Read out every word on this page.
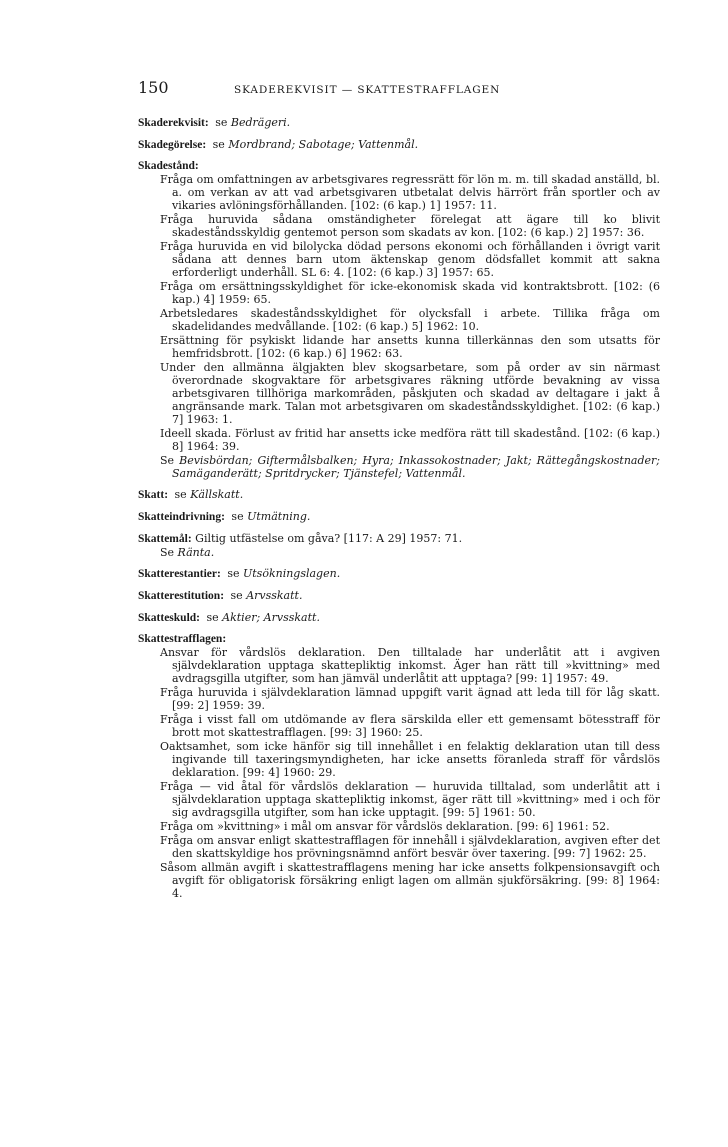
150	SKADEREKVISIT — SKATTESTRAFFLAGEN
Skaderekvisit: se Bedrägeri.
Skadegörelse: se Mordbrand; Sabotage; Vattenmål.
Skadestånd:
Fråga om omfattningen av arbetsgivares regressrätt för lön m. m. till skadad anställd, bl. a. om verkan av att vad arbetsgivaren utbetalat delvis härrört från sportler och av vikaries avlöningsförhållanden. [102: (6 kap.) 1] 1957: 11.
Fråga huruvida sådana omständigheter förelegat att ägare till ko blivit skadeståndsskyldig gentemot person som skadats av kon. [102: (6 kap.) 2] 1957: 36.
Fråga huruvida en vid bilolycka dödad persons ekonomi och förhållanden i övrigt varit sådana att dennes barn utom äktenskap genom dödsfallet kommit att sakna erforderligt underhåll. SL 6: 4. [102: (6 kap.) 3] 1957: 65.
Fråga om ersättningsskyldighet för icke-ekonomisk skada vid kontraktsbrott. [102: (6 kap.) 4] 1959: 65.
Arbetsledares skadeståndsskyldighet för olycksfall i arbete. Tillika fråga om skadelidandes medvållande. [102: (6 kap.) 5] 1962: 10.
Ersättning för psykiskt lidande har ansetts kunna tillerkännas den som utsatts för hemfridsbrott. [102: (6 kap.) 6] 1962: 63.
Under den allmänna älgjakten blev skogsarbetare, som på order av sin närmast överordnade skogvaktare för arbetsgivares räkning utförde bevakning av vissa arbetsgivaren tillhöriga markområden, påskjuten och skadad av deltagare i jakt å angränsande mark. Talan mot arbetsgivaren om skadeståndsskyldighet. [102: (6 kap.) 7] 1963: 1.
Ideell skada. Förlust av fritid har ansetts icke medföra rätt till skadestånd. [102: (6 kap.) 8] 1964: 39.
Se Bevisbördan; Giftermålsbalken; Hyra; Inkassokostnader; Jakt; Rättegångskostnader; Samäganderätt; Spritdrycker; Tjänstefel; Vattenmål.
Skatt: se Källskatt.
Skatteindrivning: se Utmätning.
Skattemål: Giltig utfästelse om gåva? [117: A 29] 1957: 71.
Se Ränta.
Skatterestantier: se Utsökningslagen.
Skatterestitution: se Arvsskatt.
Skatteskuld: se Aktier; Arvsskatt.
Skattestrafflagen:
Ansvar för vårdslös deklaration. Den tilltalade har underlåtit att i avgiven självdeklaration upptaga skattepliktig inkomst. Äger han rätt till »kvittning» med avdragsgilla utgifter, som han jämväl underlåtit att upptaga? [99: 1] 1957: 49.
Fråga huruvida i självdeklaration lämnad uppgift varit ägnad att leda till för låg skatt. [99: 2] 1959: 39.
Fråga i visst fall om utdömande av flera särskilda eller ett gemensamt bötesstraff för brott mot skattestrafflagen. [99: 3] 1960: 25.
Oaktsamhet, som icke hänför sig till innehållet i en felaktig deklaration utan till dess ingivande till taxeringsmyndigheten, har icke ansetts föranleda straff för vårdslös deklaration. [99: 4] 1960: 29.
Fråga — vid åtal för vårdslös deklaration — huruvida tilltalad, som underlåtit att i självdeklaration upptaga skattepliktig inkomst, äger rätt till »kvittning» med i och för sig avdragsgilla utgifter, som han icke upptagit. [99: 5] 1961: 50.
Fråga om »kvittning» i mål om ansvar för vårdslös deklaration. [99: 6] 1961: 52.
Fråga om ansvar enligt skattestrafflagen för innehåll i självdeklaration, avgiven efter det den skattskyldige hos prövningsnämnd anfört besvär över taxering. [99: 7] 1962: 25.
Såsom allmän avgift i skattestrafflagens mening har icke ansetts folkpensionsavgift och avgift för obligatorisk försäkring enligt lagen om allmän sjukförsäkring. [99: 8] 1964: 4.
